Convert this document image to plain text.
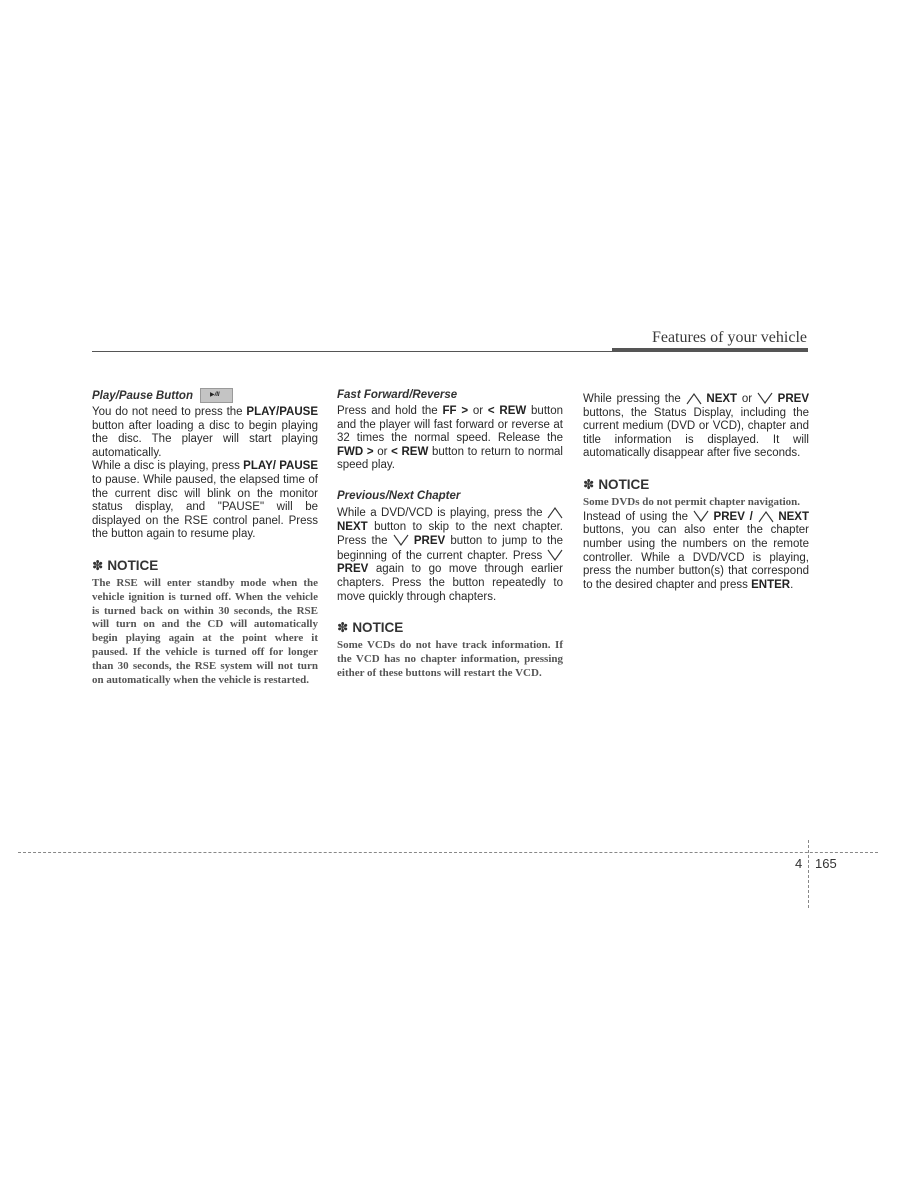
Features of your vehicle
Play/Pause Button	▶/II

You do not need to press the PLAY/PAUSE button after loading a disc to begin playing the disc. The player will start playing automatically.

While a disc is playing, press PLAY/ PAUSE to pause. While paused, the elapsed time of the current disc will blink on the monitor status display, and "PAUSE" will be displayed on the RSE control panel. Press the button again to resume play.

✽ NOTICE

The RSE will enter standby mode when the vehicle ignition is turned off. When the vehicle is turned back on within 30 seconds, the RSE will turn on and the CD will automatically begin playing again at the point where it paused. If the vehicle is turned off for longer than 30 seconds, the RSE system will not turn on automatically when the vehicle is restarted.

Fast Forward/Reverse

Press and hold the FF > or < REW button and the player will fast forward or reverse at 32 times the normal speed. Release the FWD > or < REW button to return to normal speed play.

Previous/Next Chapter

While a DVD/VCD is playing, press the  NEXT button to skip to the next chapter. Press the  PREV button to jump to the beginning of the current chapter. Press  PREV again to go move through earlier chapters. Press the button repeatedly to move quickly through chapters.

✽ NOTICE

Some VCDs do not have track information. If the VCD has no chapter information, pressing either of these buttons will restart the VCD.

While pressing the  NEXT or  PREV buttons, the Status Display, including the current medium (DVD or VCD), chapter and title information is displayed. It will automatically disappear after five seconds.

✽ NOTICE

Some DVDs do not permit chapter navigation.

Instead of using the  PREV / NEXT buttons, you can also enter the chapter number using the numbers on the remote controller. While a DVD/VCD is playing, press the number button(s) that correspond to the desired chapter and press ENTER.

4 165
